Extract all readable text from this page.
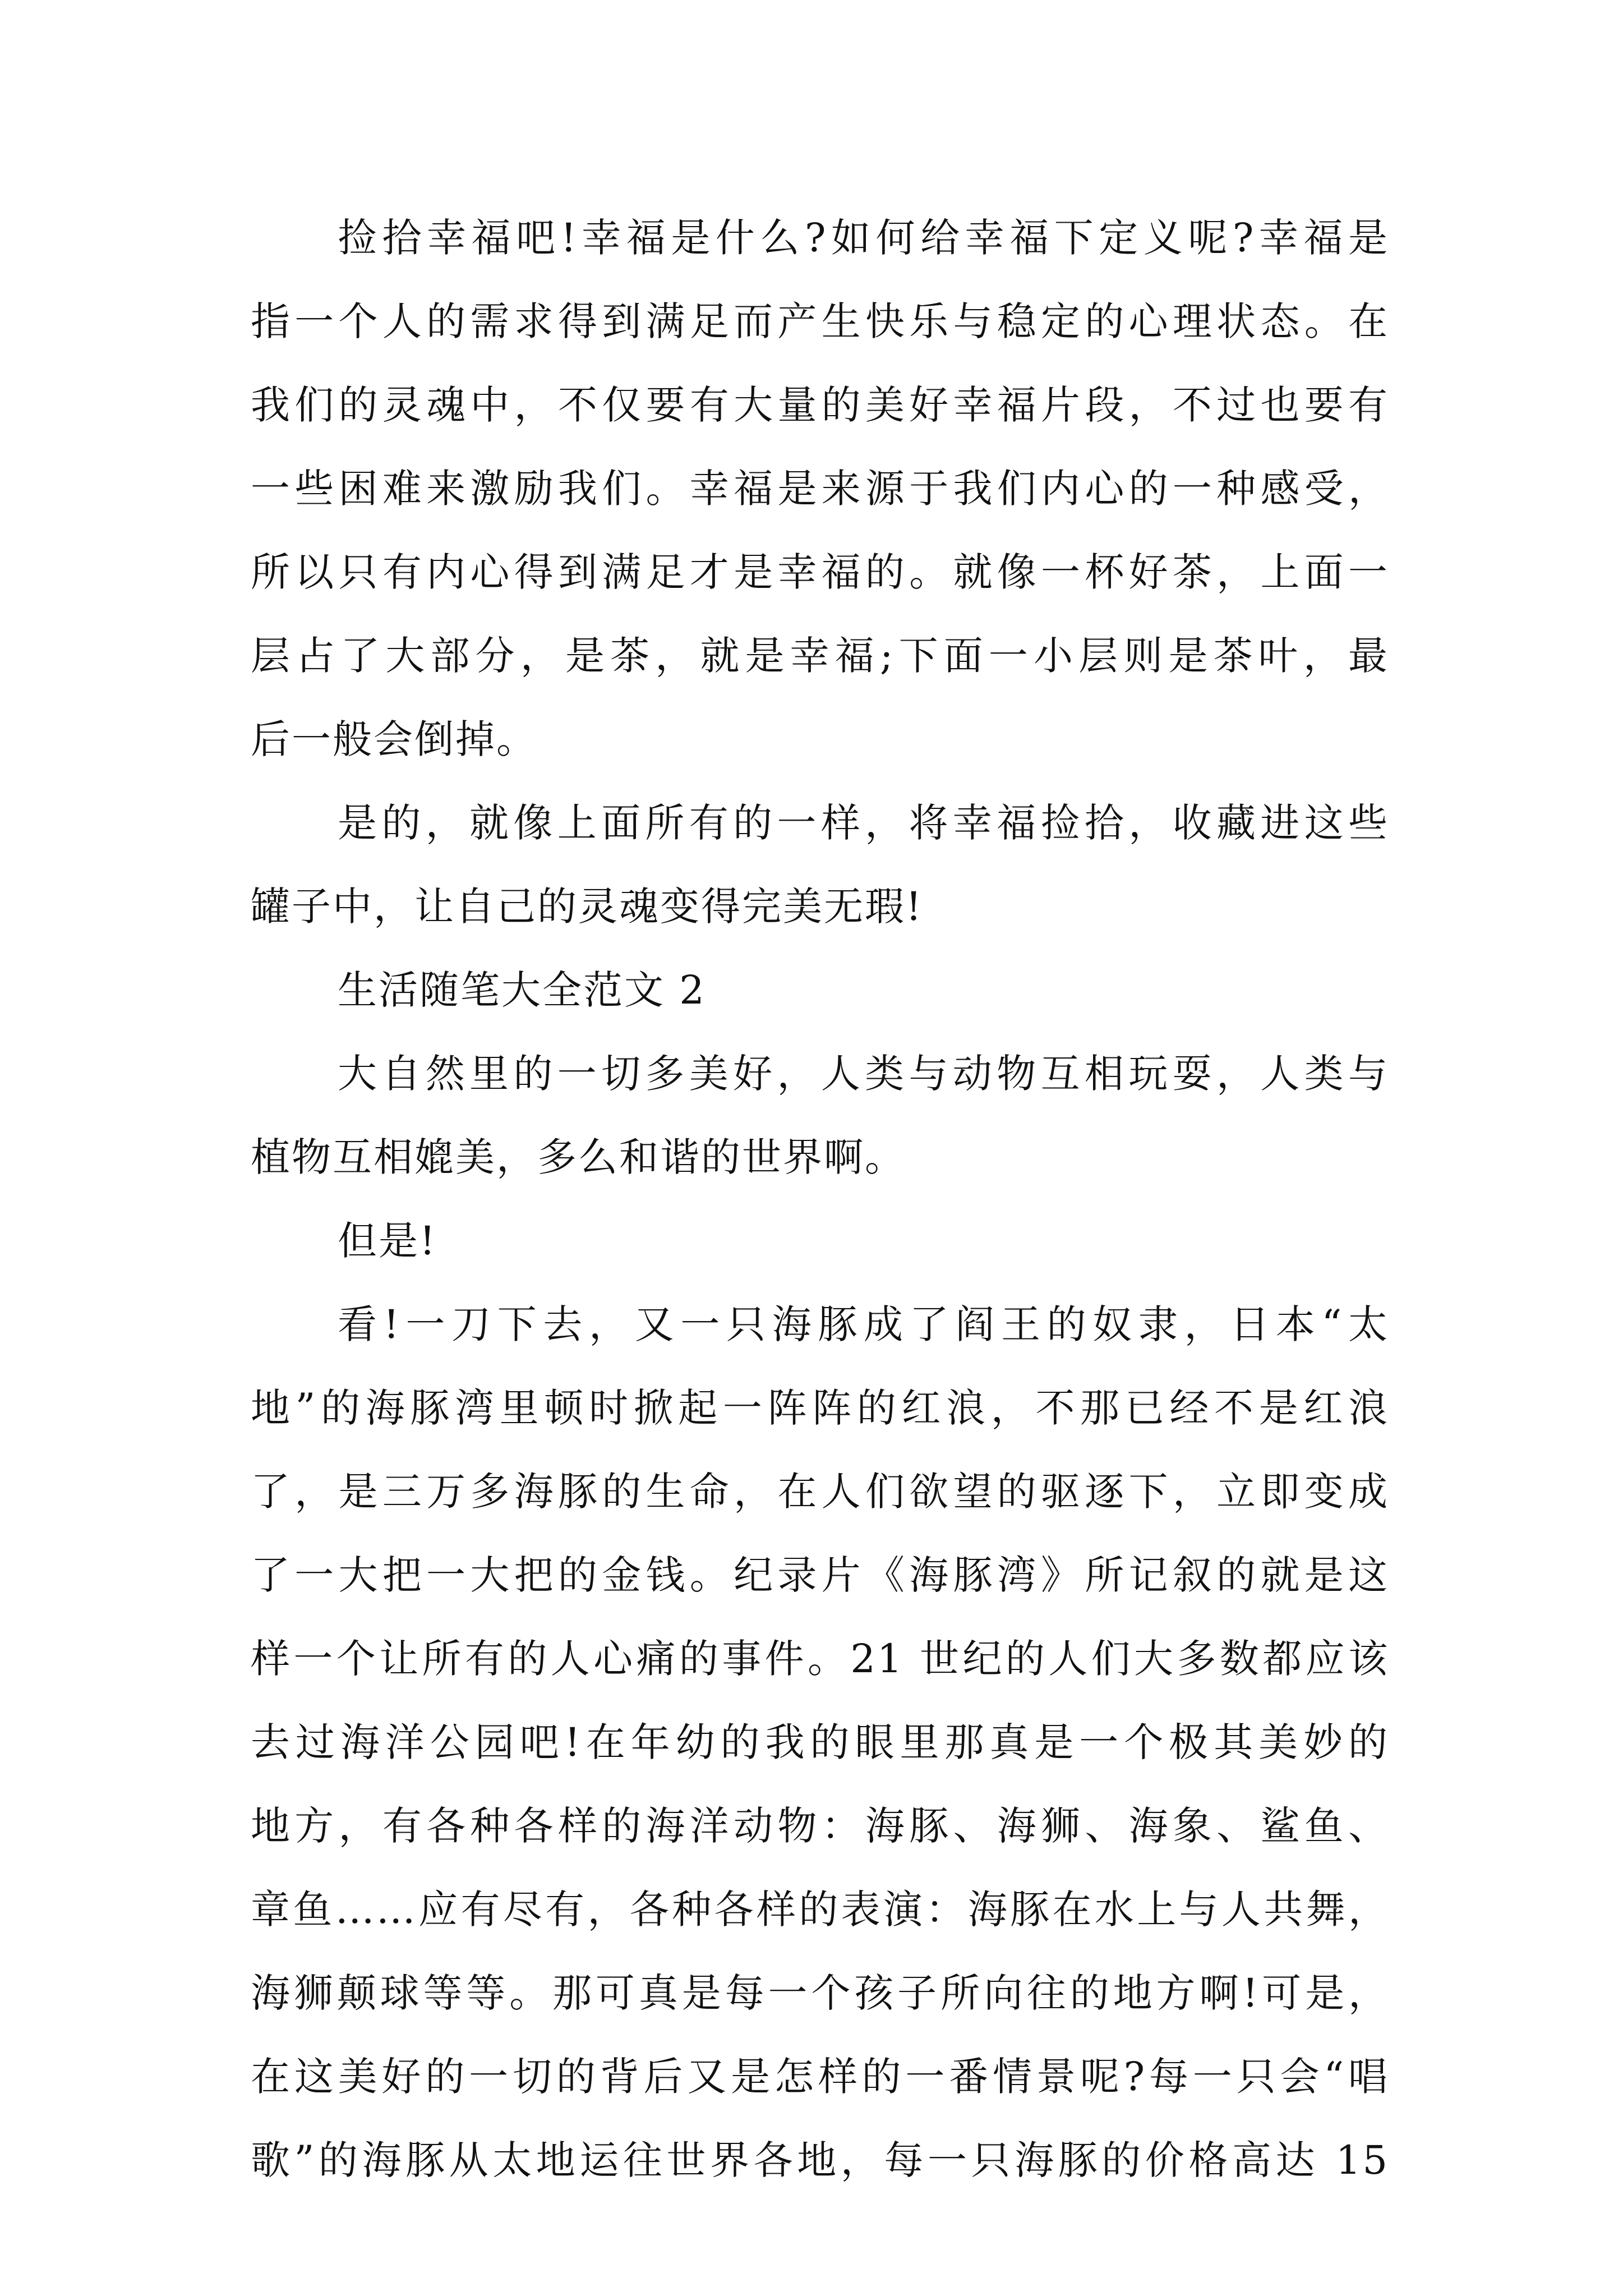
捡拾幸福吧!幸福是什么?如何给幸福下定义呢?幸福是
指一个人的需求得到满足而产生快乐与稳定的心理状态。在
我们的灵魂中，不仅要有大量的美好幸福片段，不过也要有
一些困难来激励我们。幸福是来源于我们内心的一种感受，
所以只有内心得到满足才是幸福的。就像一杯好茶，上面一
层占了大部分，是茶，就是幸福;下面一小层则是茶叶，最
后一般会倒掉。
是的，就像上面所有的一样，将幸福捡拾，收藏进这些
罐子中，让自己的灵魂变得完美无瑕!
生活随笔大全范文 2
大自然里的一切多美好，人类与动物互相玩耍，人类与
植物互相媲美，多么和谐的世界啊。
但是!
看!一刀下去，又一只海豚成了阎王的奴隶，日本“太
地”的海豚湾里顿时掀起一阵阵的红浪，不那已经不是红浪
了，是三万多海豚的生命，在人们欲望的驱逐下，立即变成
了一大把一大把的金钱。纪录片《海豚湾》所记叙的就是这
样一个让所有的人心痛的事件。21 世纪的人们大多数都应该
去过海洋公园吧!在年幼的我的眼里那真是一个极其美妙的
地方，有各种各样的海洋动物：海豚、海狮、海象、鲨鱼、
章鱼……应有尽有，各种各样的表演：海豚在水上与人共舞，
海狮颠球等等。那可真是每一个孩子所向往的地方啊!可是，
在这美好的一切的背后又是怎样的一番情景呢?每一只会“唱
歌”的海豚从太地运往世界各地，每一只海豚的价格高达 15
